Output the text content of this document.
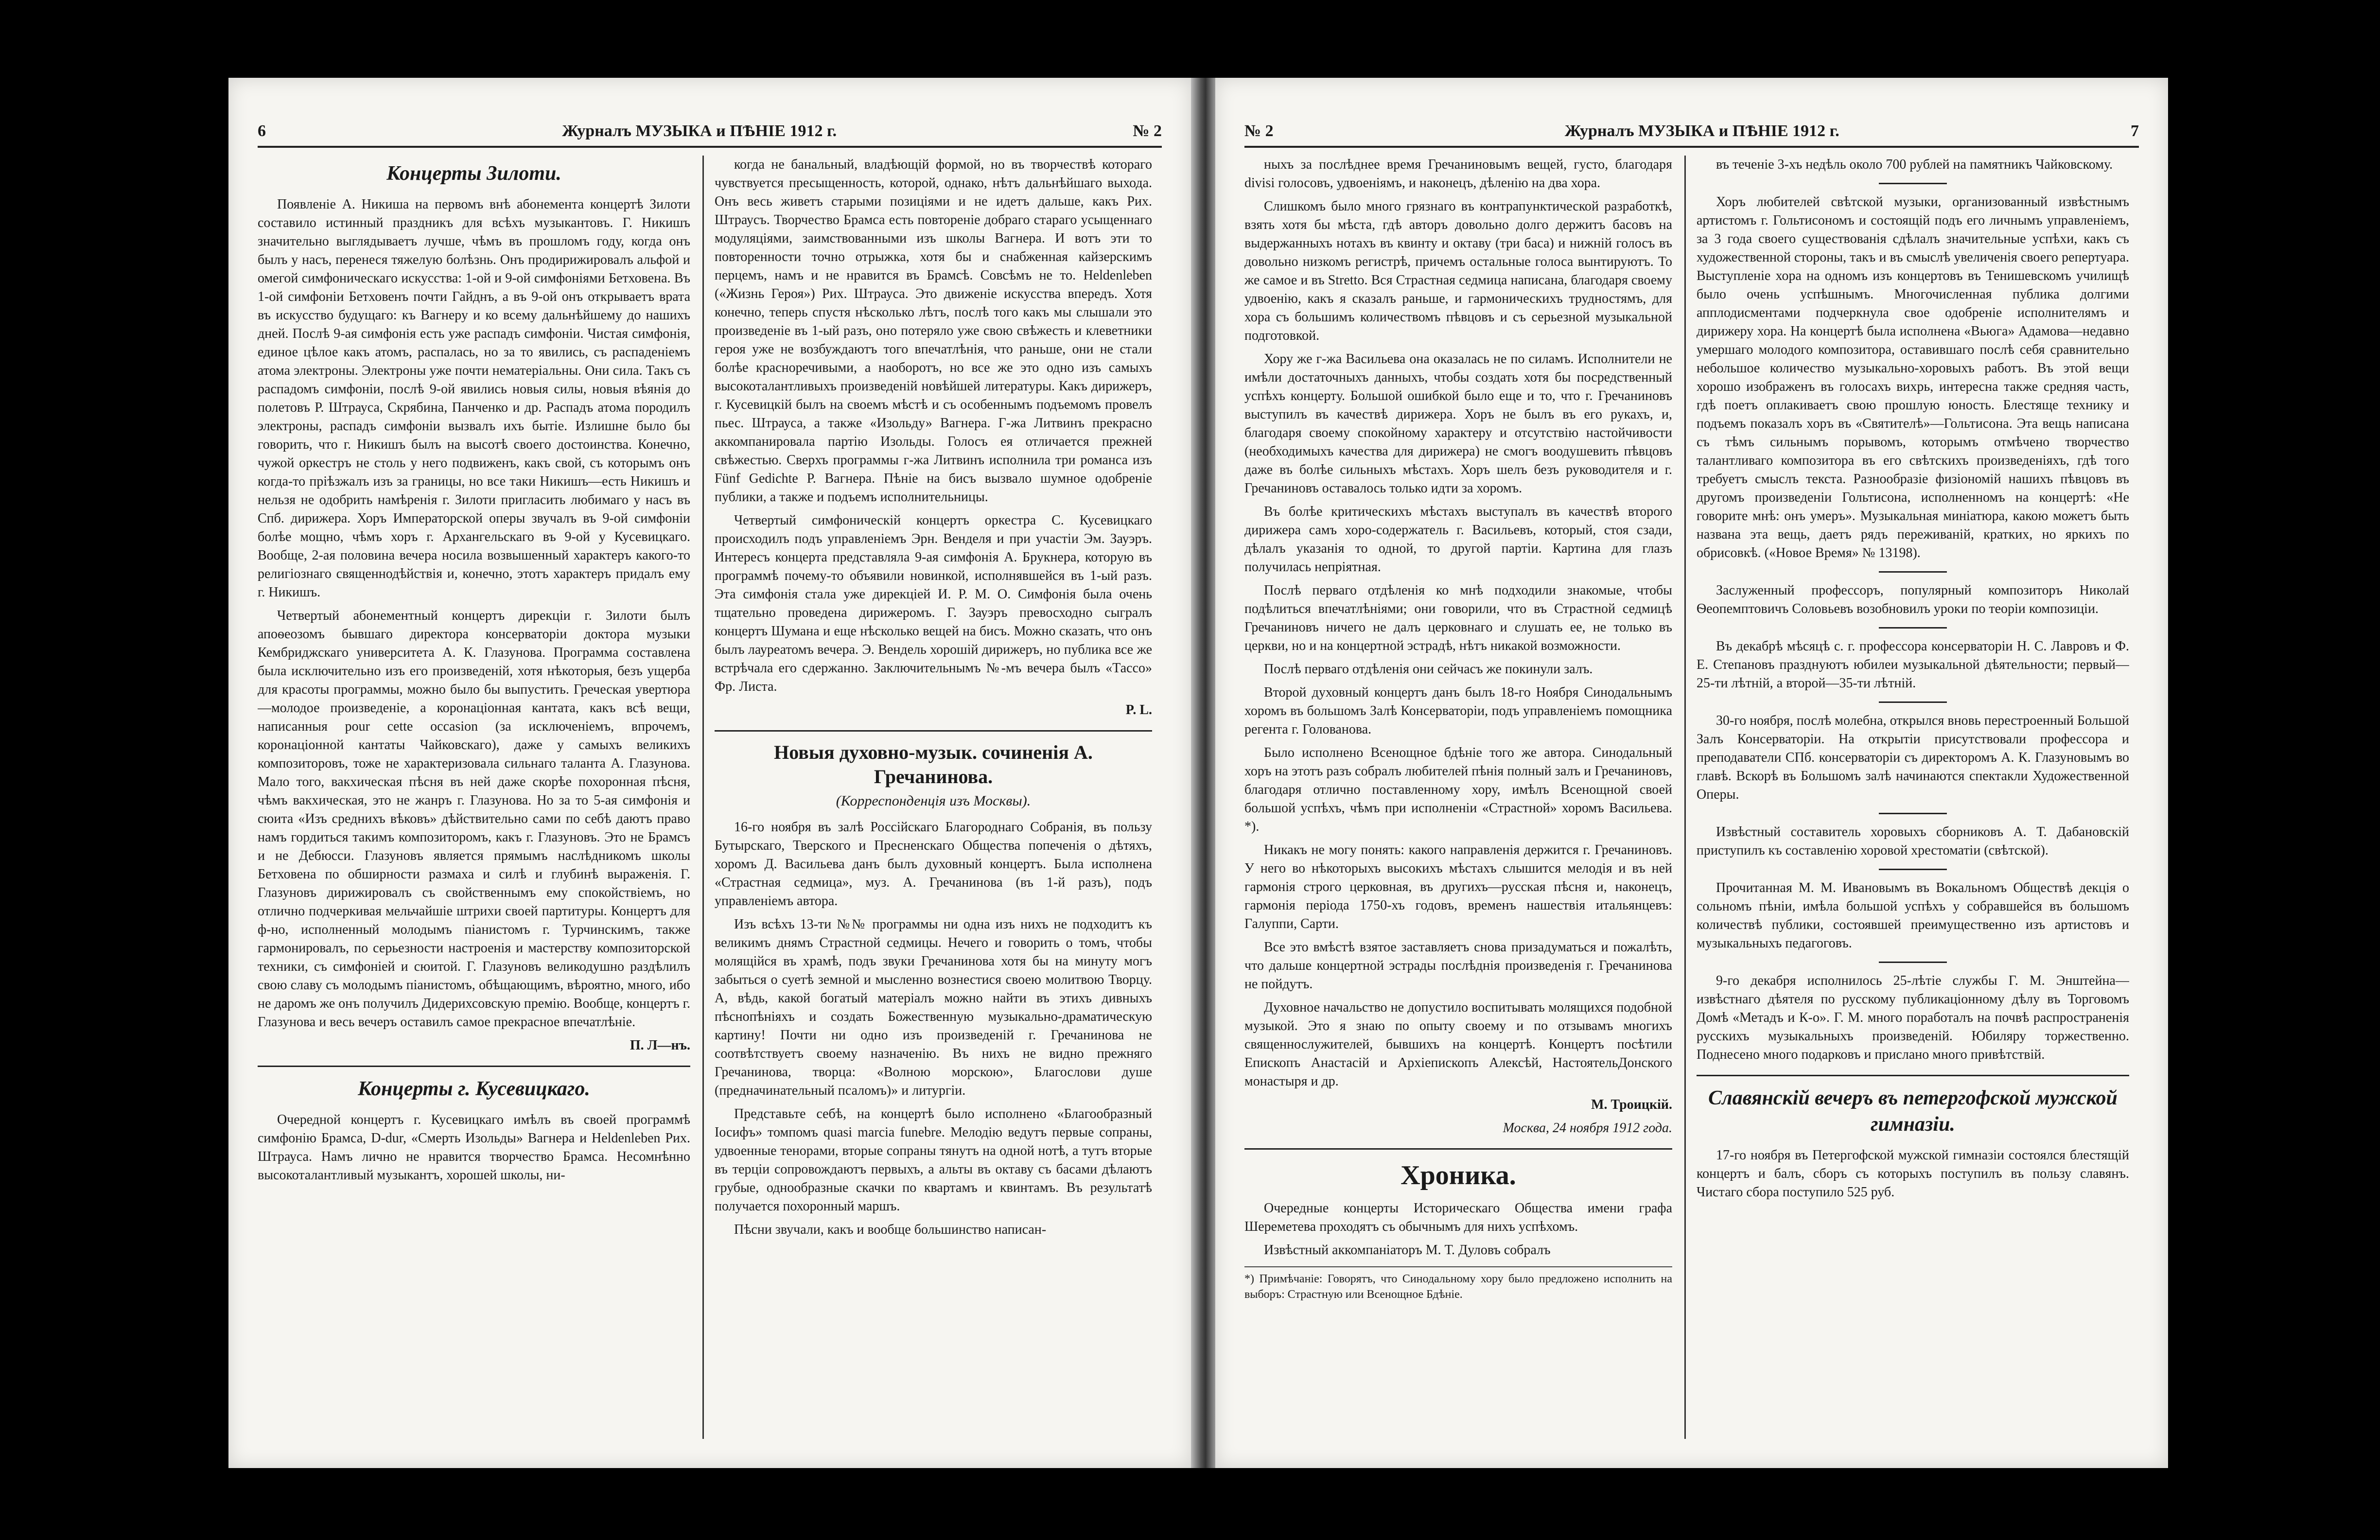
6	Журналъ МУЗЫКА и ПѢНІЕ 1912 г.	№ 2
Концерты Зилоти.

Появленіе А. Никиша на первомъ внѣ абонемента концертѣ Зилоти составило истинный праздникъ для всѣхъ музыкантовъ. Г. Никишъ значительно выглядываетъ лучше, чѣмъ въ прошломъ году, когда онъ былъ у насъ, перенеся тяжелую болѣзнь. Онъ продирижировалъ альфой и омегой симфоническаго искусства: 1-ой и 9-ой симфоніями Бетховена. Въ 1-ой симфоніи Бетховенъ почти Гайднъ, а въ 9-ой онъ открываетъ врата въ искусство будущаго: къ Вагнеру и ко всему дальнѣйшему до нашихъ дней. Послѣ 9-ая симфонія есть уже распадъ симфоніи. Чистая симфонія, единое цѣлое какъ атомъ, распалась, но за то явились, съ распаденіемъ атома электроны. Электроны уже почти нематеріальны. Они сила. Такъ съ распадомъ симфоніи, послѣ 9-ой явились новыя силы, новыя вѣянія до полетовъ Р. Штрауса, Скрябина, Панченко и др. Распадъ атома породилъ электроны, распадъ симфоніи вызвалъ ихъ бытіе. Излишне было бы говорить, что г. Никишъ былъ на высотѣ своего достоинства. Конечно, чужой оркестръ не столь у него подвиженъ, какъ свой, съ которымъ онъ когда-то пріѣзжалъ изъ за границы, но все таки Никишъ—есть Никишъ и нельзя не одобрить намѣренія г. Зилоти пригласить любимаго у насъ въ Спб. дирижера. Хоръ Императорской оперы звучалъ въ 9-ой симфоніи болѣе мощно, чѣмъ хоръ г. Архангельскаго въ 9-ой у Кусевицкаго. Вообще, 2-ая половина вечера носила возвышенный характеръ какого-то религіознаго священнодѣйствія и, конечно, этотъ характеръ придалъ ему г. Никишъ.

Четвертый абонементный концертъ дирекціи г. Зилоти былъ апоѳеозомъ бывшаго директора консерваторіи доктора музыки Кембриджскаго университета А. К. Глазунова. Программа составлена была исключительно изъ его произведеній, хотя нѣкоторыя, безъ ущерба для красоты программы, можно было бы выпустить. Греческая увертюра—молодое произведеніе, а коронаціонная кантата, какъ всѣ вещи, написанныя pour cette occasion (за исключеніемъ, впрочемъ, коронаціонной кантаты Чайковскаго), даже у самыхъ великихъ композиторовъ, тоже не характеризовала сильнаго таланта А. Глазунова. Мало того, вакхическая пѣсня въ ней даже скорѣе похоронная пѣсня, чѣмъ вакхическая, это не жанръ г. Глазунова. Но за то 5-ая симфонія и сюита «Изъ среднихъ вѣковъ» дѣйствительно сами по себѣ даютъ право намъ гордиться такимъ композиторомъ, какъ г. Глазуновъ. Это не Брамсъ и не Дебюсси. Глазуновъ является прямымъ наслѣдникомъ школы Бетховена по обширности размаха и силѣ и глубинѣ выраженія. Г. Глазуновъ дирижировалъ съ свойственнымъ ему спокойствіемъ, но отлично подчеркивая мельчайшіе штрихи своей партитуры. Концертъ для ф-но, исполненный молодымъ піанистомъ г. Турчинскимъ, также гармонировалъ, по серьезности настроенія и мастерству композиторской техники, съ симфоніей и сюитой. Г. Глазуновъ великодушно раздѣлилъ свою славу съ молодымъ піанистомъ, обѣщающимъ, вѣроятно, много, ибо не даромъ же онъ получилъ Дидерихсовскую премію. Вообще, концертъ г. Глазунова и весь вечеръ оставилъ самое прекрасное впечатлѣніе.

П. Л—нъ.
Концерты г. Кусевицкаго.

Очередной концертъ г. Кусевицкаго имѣлъ въ своей программѣ симфонію Брамса, D-dur, «Смерть Изольды» Вагнера и Heldenleben Рих. Штрауса. Намъ лично не нравится творчество Брамса. Несомнѣнно высокоталантливый музыкантъ, хорошей школы, ни-

когда не банальный, владѣющій формой, но въ творчествѣ котораго чувствуется пресыщенность, которой, однако, нѣтъ дальнѣйшаго выхода. Онъ весь живетъ старыми позиціями и не идетъ дальше, какъ Рих. Штраусъ. Творчество Брамса есть повтореніе добраго стараго усыщеннаго модуляціями, заимствованными изъ школы Вагнера. И вотъ эти то повторенности точно отрыжка, хотя бы и снабженная кайзерскимъ перцемъ, намъ и не нравится въ Брамсѣ. Совсѣмъ не то. Heldenleben («Жизнь Героя») Рих. Штрауса. Это движеніе искусства впередъ. Хотя конечно, теперь спустя нѣсколько лѣтъ, послѣ того какъ мы слышали это произведеніе въ 1-ый разъ, оно потеряло уже свою свѣжесть и клеветники героя уже не возбуждаютъ того впечатлѣнія, что раньше, они не стали болѣе красноречивыми, а наоборотъ, но все же это одно изъ самыхъ высокоталантливыхъ произведеній новѣйшей литературы. Какъ дирижеръ, г. Кусевицкій былъ на своемъ мѣстѣ и съ особеннымъ подъемомъ провелъ пьес. Штрауса, а также «Изольду» Вагнера. Г-жа Литвинъ прекрасно аккомпанировала партію Изольды. Голосъ ея отличается прежней свѣжестью. Сверхъ программы г-жа Литвинъ исполнила три романса изъ Fünf Gedichte Р. Вагнера. Пѣніе на бисъ вызвало шумное одобреніе публики, а также и подъемъ исполнительницы.

Четвертый симфоническій концертъ оркестра С. Кусевицкаго происходилъ подъ управленіемъ Эрн. Венделя и при участіи Эм. Зауэръ. Интересъ концерта представляла 9-ая симфонія А. Брукнера, которую въ программѣ почему-то объявили новинкой, исполнявшейся въ 1-ый разъ. Эта симфонія стала уже дирекціей И. Р. М. О. Симфонія была очень тщательно проведена дирижеромъ. Г. Зауэръ превосходно сыгралъ концертъ Шумана и еще нѣсколько вещей на бисъ. Можно сказать, что онъ былъ лауреатомъ вечера. Э. Вендель хорошій дирижеръ, но публика все же встрѣчала его сдержанно. Заключительнымъ №-мъ вечера былъ «Тассо» Фр. Листа.

P. L.
Новыя духовно-музык. сочиненія А. Гречанинова.
(Корреспонденція изъ Москвы).

16-го ноября въ залѣ Россійскаго Благороднаго Собранія, въ пользу Бутырскаго, Тверского и Пресненскаго Общества попеченія о дѣтяхъ, хоромъ Д. Васильева данъ былъ духовный концертъ. Была исполнена «Страстная седмица», муз. А. Гречанинова (въ 1-й разъ), подъ управленіемъ автора.

Изъ всѣхъ 13-ти №№ программы ни одна изъ нихъ не подходитъ къ великимъ днямъ Страстной седмицы. Нечего и говорить о томъ, чтобы молящійся въ храмѣ, подъ звуки Гречанинова хотя бы на минуту могъ забыться о суетѣ земной и мысленно вознестися своею молитвою Творцу. А, вѣдь, какой богатый матеріалъ можно найти въ этихъ дивныхъ пѣснопѣніяхъ и создать Божественную музыкально-драматическую картину! Почти ни одно изъ произведеній г. Гречанинова не соотвѣтствуетъ своему назначенію. Въ нихъ не видно прежняго Гречанинова, творца: «Волною морскою», Благослови душе (предначинательный псаломъ)» и литургіи.

Представьте себѣ, на концертѣ было исполнено «Благообразный Іосифъ» томпомъ quasi marcia funebre. Мелодію ведутъ первые сопраны, удвоенные тенорами, вторые сопраны тянутъ на одной нотѣ, а тутъ вторые въ терціи сопровождаютъ первыхъ, а альты въ октаву съ басами дѣлаютъ грубые, однообразные скачки по квартамъ и квинтамъ. Въ результатѣ получается похоронный маршъ.

Пѣсни звучали, какъ и вообще большинство написан-

№ 2	Журналъ МУЗЫКА и ПѢНІЕ 1912 г.	7

ныхъ за послѣднее время Гречаниновымъ вещей, густо, благодаря divisi голосовъ, удвоеніямъ, и наконецъ, дѣленію на два хора.

Слишкомъ было много грязнаго въ контрапунктической разработкѣ, взять хотя бы мѣста, гдѣ авторъ довольно долго держитъ басовъ на выдержанныхъ нотахъ въ квинту и октаву (три баса) и нижній голосъ въ довольно низкомъ регистрѣ, причемъ остальные голоса вынтируютъ. То же самое и въ Stretto. Вся Страстная седмица написана, благодаря своему удвоенію, какъ я сказалъ раньше, и гармоническихъ трудностямъ, для хора съ большимъ количествомъ пѣвцовъ и съ серьезной музыкальной подготовкой.

Хору же г-жа Васильева она оказалась не по силамъ. Исполнители не имѣли достаточныхъ данныхъ, чтобы создать хотя бы посредственный успѣхъ концерту. Большой ошибкой было еще и то, что г. Гречаниновъ выступилъ въ качествѣ дирижера. Хоръ не былъ въ его рукахъ, и, благодаря своему спокойному характеру и отсутствію настойчивости (необходимыхъ качества для дирижера) не смогъ воодушевить пѣвцовъ даже въ болѣе сильныхъ мѣстахъ. Хоръ шелъ безъ руководителя и г. Гречаниновъ оставалось только идти за хоромъ.

Въ болѣе критическихъ мѣстахъ выступалъ въ качествѣ второго дирижера самъ хоро-содержатель г. Васильевъ, который, стоя сзади, дѣлалъ указанія то одной, то другой партіи. Картина для глазъ получилась непріятная.

Послѣ перваго отдѣленія ко мнѣ подходили знакомые, чтобы подѣлиться впечатлѣніями; они говорили, что въ Страстной седмицѣ Гречаниновъ ничего не далъ церковнаго и слушать ее, не только въ церкви, но и на концертной эстрадѣ, нѣтъ никакой возможности.

Послѣ перваго отдѣленія они сейчасъ же покинули залъ.

Второй духовный концертъ данъ былъ 18-го Ноября Синодальнымъ хоромъ въ большомъ Залѣ Консерваторіи, подъ управленіемъ помощника регента г. Голованова.

Было исполнено Всенощное бдѣніе того же автора. Синодальный хоръ на этотъ разъ собралъ любителей пѣнія полный залъ и Гречаниновъ, благодаря отлично поставленному хору, имѣлъ Всенощной своей большой успѣхъ, чѣмъ при исполненіи «Страстной» хоромъ Васильева. *).

Никакъ не могу понять: какого направленія держится г. Гречаниновъ. У него во нѣкоторыхъ высокихъ мѣстахъ слышится мелодія и въ ней гармонія строго церковная, въ другихъ—русская пѣсня и, наконецъ, гармонія періода 1750-хъ годовъ, временъ нашествія итальянцевъ: Галуппи, Сарти.

Все это вмѣстѣ взятое заставляетъ снова призадуматься и пожалѣть, что дальше концертной эстрады послѣднія произведенія г. Гречанинова не пойдутъ.

Духовное начальство не допустило воспитывать молящихся подобной музыкой. Это я знаю по опыту своему и по отзывамъ многихъ священнослужителей, бывшихъ на концертѣ. Концертъ посѣтили Епископъ Анастасій и Архіепископъ Алексѣй, НастоятельДонского монастыря и др.

М. Троицкій.
Москва, 24 ноября 1912 года.
Хроника.

Очередные концерты Историческаго Общества имени графа Шереметева проходятъ съ обычнымъ для нихъ успѣхомъ.

Извѣстный аккомпаніаторъ М. Т. Дуловъ собралъ

*) Примѣчаніе: Говорятъ, что Синодальному хору было предложено исполнить на выборъ: Страстную или Всенощное Бдѣніе.

въ теченіе 3-хъ недѣль около 700 рублей на памятникъ Чайковскому.

Хоръ любителей свѣтской музыки, организованный извѣстнымъ артистомъ г. Гольтисономъ и состоящій подъ его личнымъ управленіемъ, за 3 года своего существованія сдѣлалъ значительные успѣхи, какъ съ художественной стороны, такъ и въ смыслѣ увеличенія своего репертуара. Выступленіе хора на одномъ изъ концертовъ въ Тенишевскомъ училищѣ было очень успѣшнымъ. Многочисленная публика долгими апплодисментами подчеркнула свое одобреніе исполнителямъ и дирижеру хора. На концертѣ была исполнена «Вьюга» Адамова—недавно умершаго молодого композитора, оставившаго послѣ себя сравнительно небольшое количество музыкально-хоровыхъ работъ. Въ этой вещи хорошо изображенъ въ голосахъ вихрь, интересна также средняя часть, гдѣ поетъ оплакиваетъ свою прошлую юность. Блестяще технику и подъемъ показалъ хоръ въ «Святителѣ»—Гольтисона. Эта вещь написана съ тѣмъ сильнымъ порывомъ, которымъ отмѣчено творчество талантливаго композитора въ его свѣтскихъ произведеніяхъ, гдѣ того требуетъ смыслъ текста. Разнообразіе физіономій нашихъ пѣвцовъ въ другомъ произведеніи Гольтисона, исполненномъ на концертѣ: «Не говорите мнѣ: онъ умеръ». Музыкальная миніатюра, какою можетъ быть названа эта вещь, даетъ рядъ переживаній, кратких, но яркихъ по обрисовкѣ. («Новое Время» № 13198).

Заслуженный профессоръ, популярный композиторъ Николай Ѳеопемптовичъ Соловьевъ возобновилъ уроки по теоріи композиціи.

Въ декабрѣ мѣсяцѣ с. г. профессора консерваторіи Н. С. Лавровъ и Ф. Е. Степановъ празднуютъ юбилеи музыкальной дѣятельности; первый—25-ти лѣтній, а второй—35-ти лѣтній.

30-го ноября, послѣ молебна, открылся вновь перестроенный Большой Залъ Консерваторіи. На открытіи присутствовали профессора и преподаватели СПб. консерваторіи съ директоромъ А. К. Глазуновымъ во главѣ. Вскорѣ въ Большомъ залѣ начинаются спектакли Художественной Оперы.

Извѣстный составитель хоровыхъ сборниковъ А. Т. Дабановскій приступилъ къ составленію хоровой хрестоматіи (свѣтской).

Прочитанная М. М. Ивановымъ въ Вокальномъ Обществѣ декція о сольномъ пѣніи, имѣла большой успѣхъ у собравшейся въ большомъ количествѣ публики, состоявшей преимущественно изъ артистовъ и музыкальныхъ педагоговъ.

9-го декабря исполнилось 25-лѣтіе службы Г. М. Энштейна—извѣстнаго дѣятеля по русскому публикаціонному дѣлу въ Торговомъ Домѣ «Метадъ и К-о». Г. М. много поработалъ на почвѣ распространенія русскихъ музыкальныхъ произведеній. Юбиляру торжественно. Поднесено много подарковъ и прислано много привѣтствій.

Славянскій вечеръ въ петергофской мужской гимназіи.

17-го ноября въ Петергофской мужской гимназіи состоялся блестящій концертъ и балъ, сборъ съ которыхъ поступилъ въ пользу славянъ. Чистаго сбора поступило 525 руб.
